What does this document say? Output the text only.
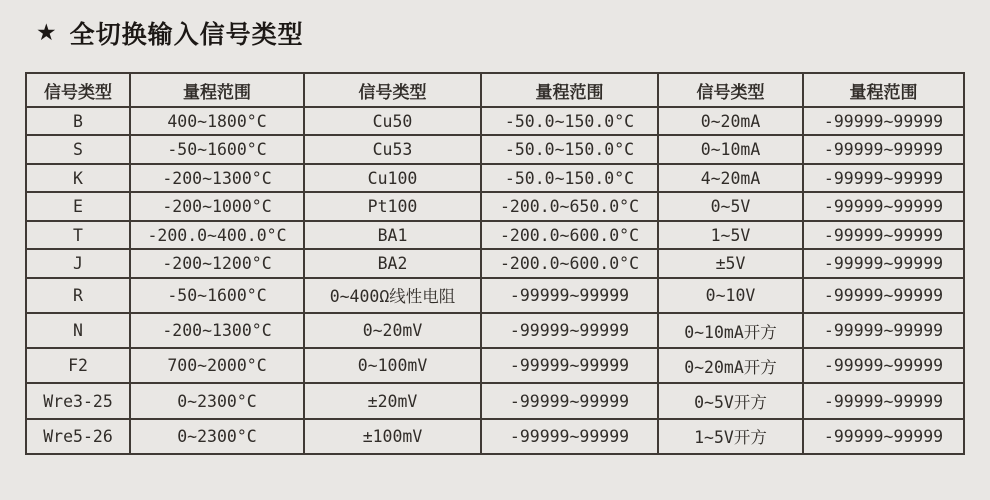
★ 全切换输入信号类型
信号类型	量程范围	信号类型	量程范围	信号类型	量程范围
B	400~1800°C	Cu50	-50.0~150.0°C	0~20mA	-99999~99999
S	-50~1600°C	Cu53	-50.0~150.0°C	0~10mA	-99999~99999
K	-200~1300°C	Cu100	-50.0~150.0°C	4~20mA	-99999~99999
E	-200~1000°C	Pt100	-200.0~650.0°C	0~5V	-99999~99999
T	-200.0~400.0°C	BA1	-200.0~600.0°C	1~5V	-99999~99999
J	-200~1200°C	BA2	-200.0~600.0°C	±5V	-99999~99999
R	-50~1600°C	0~400Ω线性电阻	-99999~99999	0~10V	-99999~99999
N	-200~1300°C	0~20mV	-99999~99999	0~10mA开方	-99999~99999
F2	700~2000°C	0~100mV	-99999~99999	0~20mA开方	-99999~99999
Wre3-25	0~2300°C	±20mV	-99999~99999	0~5V开方	-99999~99999
Wre5-26	0~2300°C	±100mV	-99999~99999	1~5V开方	-99999~99999
